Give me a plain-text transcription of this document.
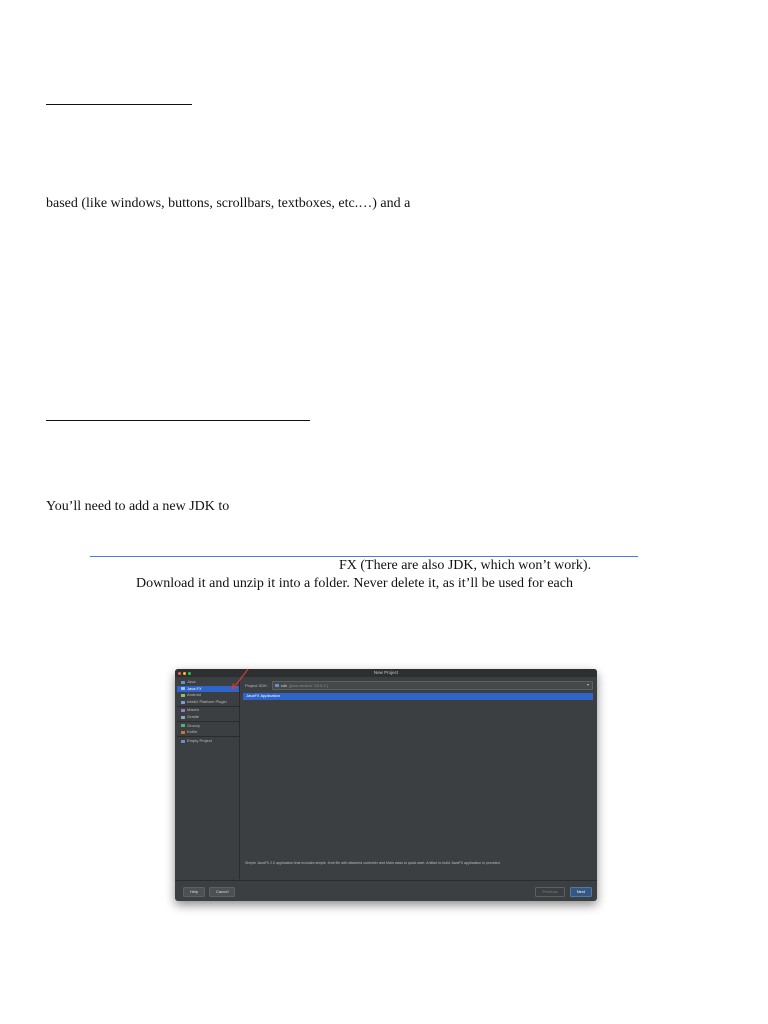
based (like windows, buttons, scrollbars, textboxes, etc.…) and a
You’ll need to add a new JDK to
FX (There are also JDK, which won’t work).
Download it and unzip it into a folder. Never delete it, as it’ll be used for each
New Project
Java
Java FX
Android
IntelliJ Platform Plugin
Maven
Gradle
Groovy
Kotlin
Empty Project
Project SDK:	sdk (java version "15.0.1")	▾
JavaFX Application
Simple JavaFX 2.0 application that includes simple .fxml file with attached controller and Main class to quick start. Artifact to build JavaFX application is provided.
Help	Cancel	Previous	Next
